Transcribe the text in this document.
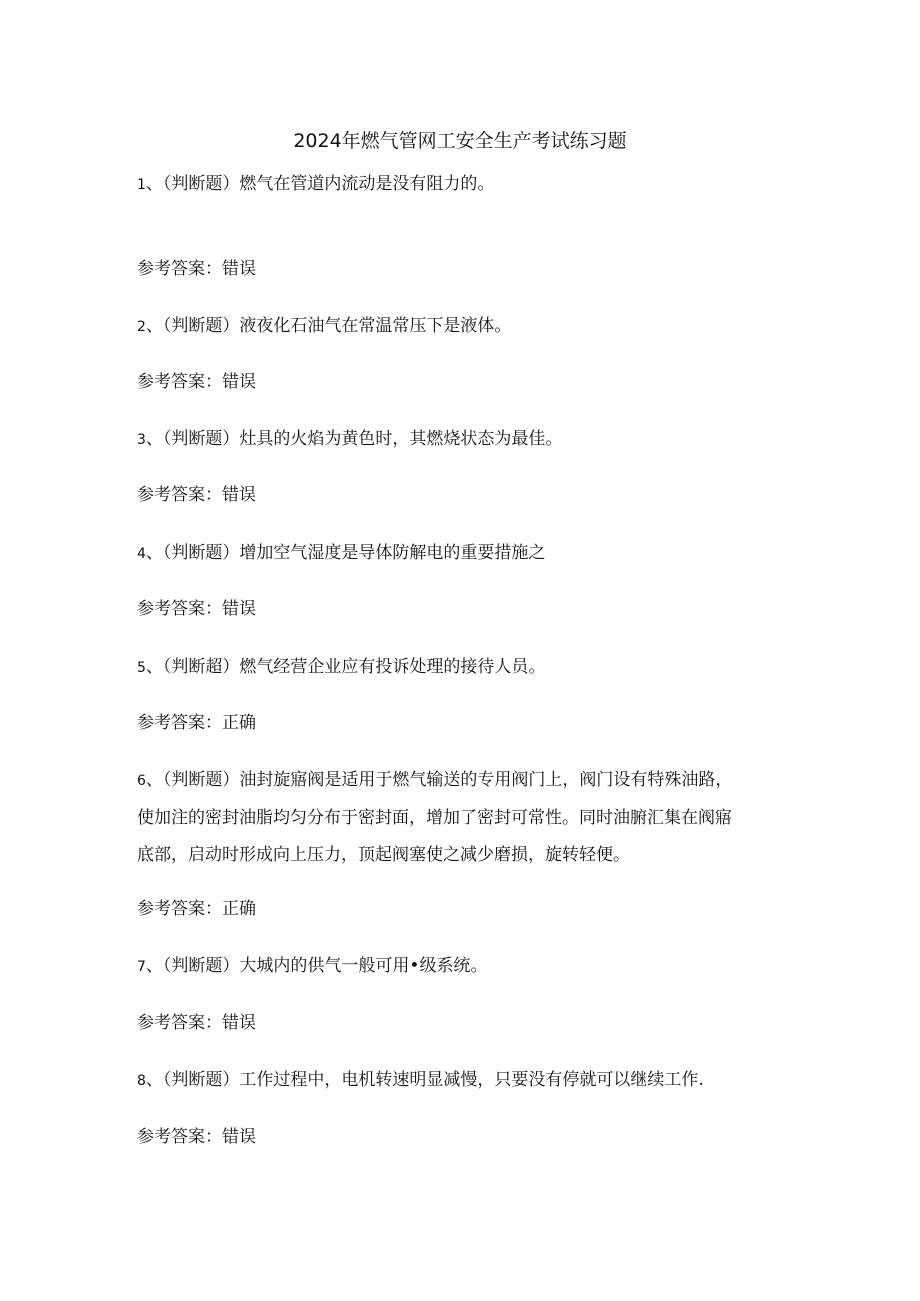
2024年燃气管网工安全生产考试练习题
1、（判断题）燃气在管道内流动是没有阻力的。
参考答案：错误
2、（判断题）液夜化石油气在常温常压下是液体。
参考答案：错误
3、（判断题）灶具的火焰为黄色时，其燃烧状态为最佳。
参考答案：错误
4、（判断题）增加空气湿度是导体防解电的重要措施之
参考答案：错误
5、（判断超）燃气经营企业应有投诉处理的接待人员。
参考答案：正确
6、（判断题）油封旋寤阀是适用于燃气输送的专用阀门上，阀门设有特殊油路，
使加注的密封油脂均匀分布于密封面，增加了密封可常性。同时油腑汇集在阀寤
底部，启动时形成向上压力，顶起阀塞使之减少磨损，旋转轻便。
参考答案：正确
7、（判断题）大城内的供气一般可用•级系统。
参考答案：错误
8、（判断题）工作过程中，电机转速明显减慢，只要没有停就可以继续工作.
参考答案：错误
